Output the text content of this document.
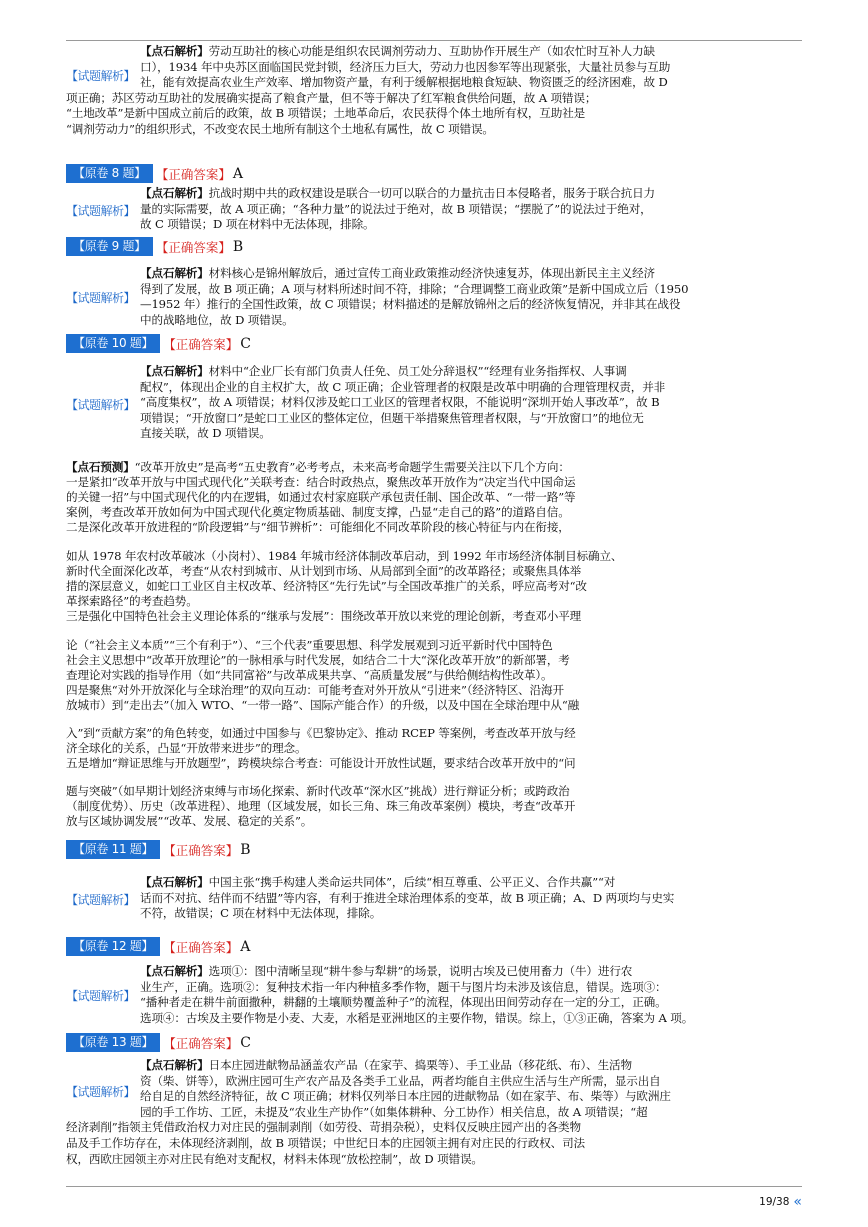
【试题解析】
【点石解析】劳动互助社的核心功能是组织农民调剂劳动力、互助协作开展生产（如农忙时互补人力缺
口），1934 年中央苏区面临国民党封锁，经济压力巨大，劳动力也因参军等出现紧张，大量社员参与互助
社，能有效提高农业生产效率、增加物资产量，有利于缓解根据地粮食短缺、物资匮乏的经济困难，故 D
项正确；苏区劳动互助社的发展确实提高了粮食产量，但不等于解决了红军粮食供给问题，故 A 项错误；
“土地改革”是新中国成立前后的政策，故 B 项错误；土地革命后，农民获得个体土地所有权，互助社是
“调剂劳动力”的组织形式，不改变农民土地所有制这个土地私有属性，故 C 项错误。
【原卷 8 题】 【正确答案】 A
【试题解析】
【点石解析】抗战时期中共的政权建设是联合一切可以联合的力量抗击日本侵略者，服务于联合抗日力
量的实际需要，故 A 项正确；“各种力量”的说法过于绝对，故 B 项错误；“摆脱了”的说法过于绝对，
故 C 项错误；D 项在材料中无法体现，排除。
【原卷 9 题】 【正确答案】 B
【试题解析】
【点石解析】材料核心是锦州解放后，通过宣传工商业政策推动经济快速复苏，体现出新民主主义经济
得到了发展，故 B 项正确；A 项与材料所述时间不符，排除；“合理调整工商业政策”是新中国成立后（1950
—1952 年）推行的全国性政策，故 C 项错误；材料描述的是解放锦州之后的经济恢复情况，并非其在战役
中的战略地位，故 D 项错误。
【原卷 10 题】 【正确答案】 C
【试题解析】
【点石解析】材料中“企业厂长有部门负责人任免、员工处分辞退权”“经理有业务指挥权、人事调
配权”，体现出企业的自主权扩大，故 C 项正确；企业管理者的权限是改革中明确的合理管理权责，并非
“高度集权”，故 A 项错误；材料仅涉及蛇口工业区的管理者权限，不能说明“深圳开始人事改革”，故 B
项错误；“开放窗口”是蛇口工业区的整体定位，但题干举措聚焦管理者权限，与“开放窗口”的地位无
直接关联，故 D 项错误。
【点石预测】“改革开放史”是高考“五史教育”必考考点，未来高考命题学生需要关注以下几个方向：
一是紧扣“改革开放与中国式现代化”关联考查：结合时政热点，聚焦改革开放作为“决定当代中国命运
的关键一招”与中国式现代化的内在逻辑，如通过农村家庭联产承包责任制、国企改革、“一带一路”等
案例，考查改革开放如何为中国式现代化奠定物质基础、制度支撑，凸显“走自己的路”的道路自信。
二是深化改革开放进程的“阶段逻辑”与“细节辨析”：可能细化不同改革阶段的核心特征与内在衔接，
如从 1978 年农村改革破冰（小岗村）、1984 年城市经济体制改革启动，到 1992 年市场经济体制目标确立、
新时代全面深化改革，考查“从农村到城市、从计划到市场、从局部到全面”的改革路径；或聚焦具体举
措的深层意义，如蛇口工业区自主权改革、经济特区“先行先试”与全国改革推广的关系，呼应高考对“改
革探索路径”的考查趋势。
三是强化中国特色社会主义理论体系的“继承与发展”：围绕改革开放以来党的理论创新，考查邓小平理
论（“社会主义本质”“三个有利于”）、“三个代表”重要思想、科学发展观到习近平新时代中国特色
社会主义思想中“改革开放理论”的一脉相承与时代发展，如结合二十大“深化改革开放”的新部署，考
查理论对实践的指导作用（如“共同富裕”与改革成果共享、“高质量发展”与供给侧结构性改革）。
四是聚焦“对外开放深化与全球治理”的双向互动：可能考查对外开放从“引进来”（经济特区、沿海开
放城市）到“走出去”（加入 WTO、“一带一路”、国际产能合作）的升级，以及中国在全球治理中从“融
入”到“贡献方案”的角色转变，如通过中国参与《巴黎协定》、推动 RCEP 等案例，考查改革开放与经
济全球化的关系，凸显“开放带来进步”的理念。
五是增加“辩证思维与开放题型”，跨模块综合考查：可能设计开放性试题，要求结合改革开放中的“问
题与突破”（如早期计划经济束缚与市场化探索、新时代改革“深水区”挑战）进行辩证分析；或跨政治
（制度优势）、历史（改革进程）、地理（区域发展，如长三角、珠三角改革案例）模块，考查“改革开
放与区域协调发展”“改革、发展、稳定的关系”。
【原卷 11 题】 【正确答案】 B
【试题解析】
【点石解析】中国主张“携手构建人类命运共同体”，后续“相互尊重、公平正义、合作共赢”“对
话而不对抗、结伴而不结盟”等内容，有利于推进全球治理体系的变革，故 B 项正确；A、D 两项均与史实
不符，故错误；C 项在材料中无法体现，排除。
【原卷 12 题】 【正确答案】 A
【试题解析】
【点石解析】选项①：图中清晰呈现“耕牛参与犁耕”的场景，说明古埃及已使用畜力（牛）进行农
业生产，正确。选项②：复种技术指一年内种植多季作物，题干与图片均未涉及该信息，错误。选项③：
“播种者走在耕牛前面撒种，耕翻的土壤顺势覆盖种子”的流程，体现出田间劳动存在一定的分工，正确。
选项④：古埃及主要作物是小麦、大麦，水稻是亚洲地区的主要作物，错误。综上，①③正确，答案为 A 项。
【原卷 13 题】 【正确答案】 C
【试题解析】
【点石解析】日本庄园进献物品涵盖农产品（在家芋、捣栗等）、手工业品（移花纸、布）、生活物
资（柴、饼等），欧洲庄园可生产农产品及各类手工业品，两者均能自主供应生活与生产所需，显示出自
给自足的自然经济特征，故 C 项正确；材料仅列举日本庄园的进献物品（如在家芋、布、柴等）与欧洲庄
园的手工作坊、工匠，未提及“农业生产协作”（如集体耕种、分工协作）相关信息，故 A 项错误；“超
经济剥削”指领主凭借政治权力对庄民的强制剥削（如劳役、苛捐杂税），史料仅反映庄园产出的各类物
品及手工作坊存在，未体现经济剥削，故 B 项错误；中世纪日本的庄园领主拥有对庄民的行政权、司法
权，西欧庄园领主亦对庄民有绝对支配权，材料未体现“放松控制”，故 D 项错误。
19/38 «
